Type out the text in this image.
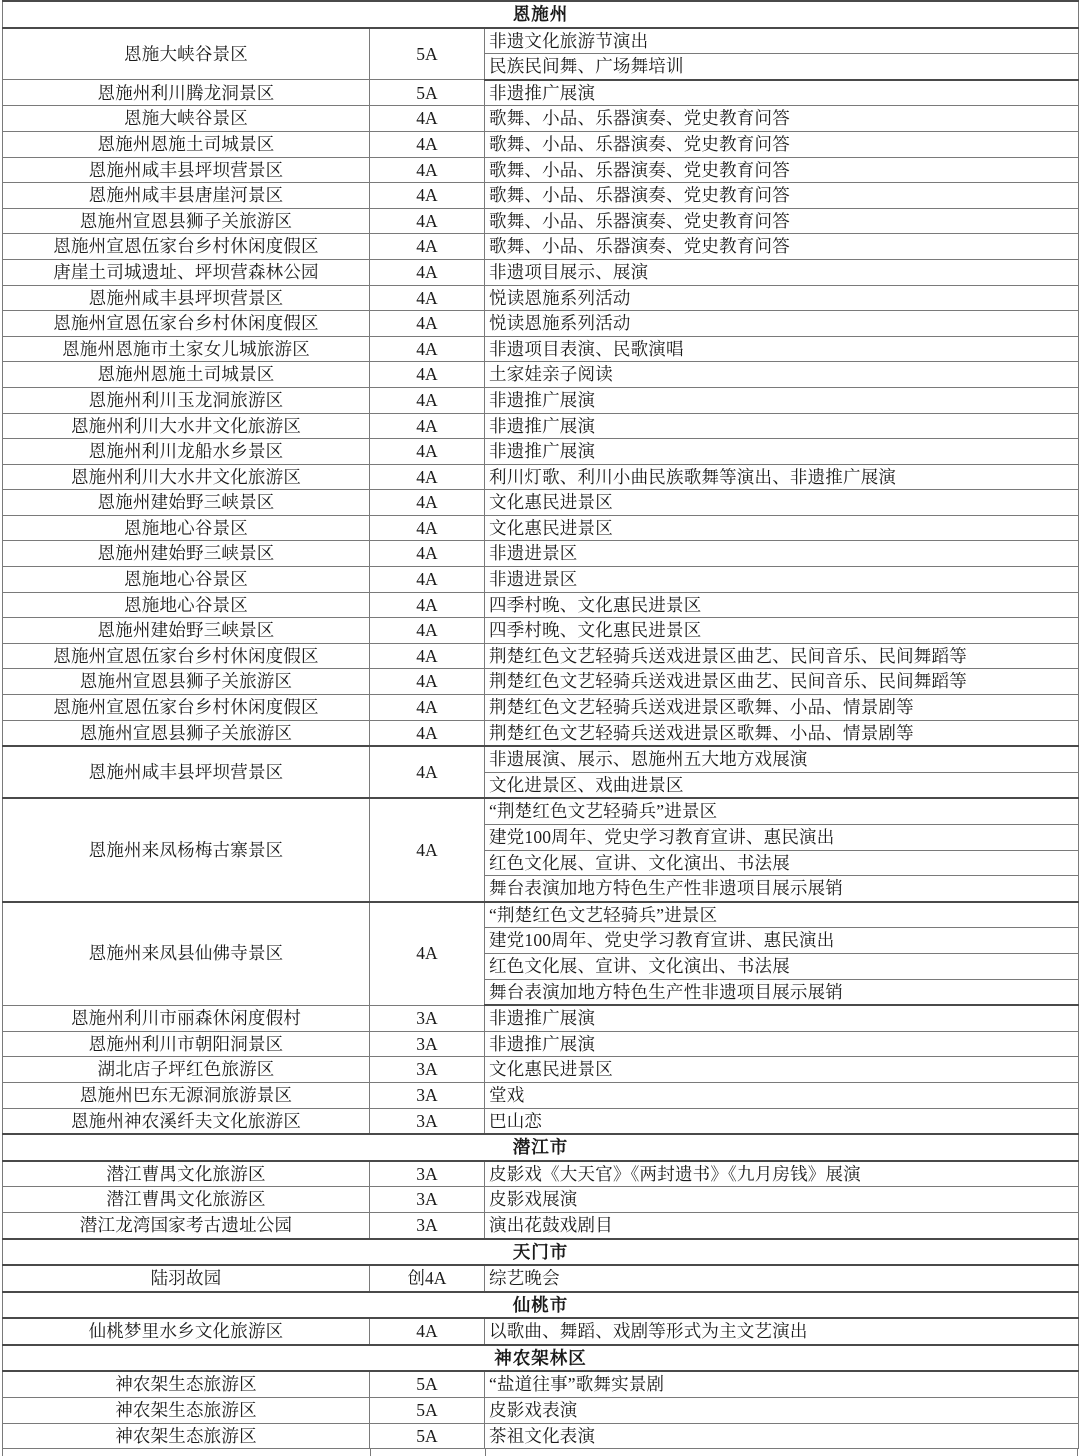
恩施州		
恩施大峡谷景区	5A	非遗文化旅游节演出
		民族民间舞、广场舞培训
恩施州利川腾龙洞景区	5A	非遗推广展演
恩施大峡谷景区	4A	歌舞、小品、乐器演奏、党史教育问答
恩施州恩施土司城景区	4A	歌舞、小品、乐器演奏、党史教育问答
恩施州咸丰县坪坝营景区	4A	歌舞、小品、乐器演奏、党史教育问答
恩施州咸丰县唐崖河景区	4A	歌舞、小品、乐器演奏、党史教育问答
恩施州宣恩县狮子关旅游区	4A	歌舞、小品、乐器演奏、党史教育问答
恩施州宣恩伍家台乡村休闲度假区	4A	歌舞、小品、乐器演奏、党史教育问答
唐崖土司城遗址、坪坝营森林公园	4A	非遗项目展示、展演
恩施州咸丰县坪坝营景区	4A	悦读恩施系列活动
恩施州宣恩伍家台乡村休闲度假区	4A	悦读恩施系列活动
恩施州恩施市土家女儿城旅游区	4A	非遗项目表演、民歌演唱
恩施州恩施土司城景区	4A	土家娃亲子阅读
恩施州利川玉龙洞旅游区	4A	非遗推广展演
恩施州利川大水井文化旅游区	4A	非遗推广展演
恩施州利川龙船水乡景区	4A	非遗推广展演
恩施州利川大水井文化旅游区	4A	利川灯歌、利川小曲民族歌舞等演出、非遗推广展演
恩施州建始野三峡景区	4A	文化惠民进景区
恩施地心谷景区	4A	文化惠民进景区
恩施州建始野三峡景区	4A	非遗进景区
恩施地心谷景区	4A	非遗进景区
恩施地心谷景区	4A	四季村晚、文化惠民进景区
恩施州建始野三峡景区	4A	四季村晚、文化惠民进景区
恩施州宣恩伍家台乡村休闲度假区	4A	荆楚红色文艺轻骑兵送戏进景区曲艺、民间音乐、民间舞蹈等
恩施州宣恩县狮子关旅游区	4A	荆楚红色文艺轻骑兵送戏进景区曲艺、民间音乐、民间舞蹈等
恩施州宣恩伍家台乡村休闲度假区	4A	荆楚红色文艺轻骑兵送戏进景区歌舞、小品、情景剧等
恩施州宣恩县狮子关旅游区	4A	荆楚红色文艺轻骑兵送戏进景区歌舞、小品、情景剧等
恩施州咸丰县坪坝营景区	4A	非遗展演、展示、恩施州五大地方戏展演
		文化进景区、戏曲进景区
恩施州来凤杨梅古寨景区	4A	“荆楚红色文艺轻骑兵”进景区
		建党100周年、党史学习教育宣讲、惠民演出
		红色文化展、宣讲、文化演出、书法展
		舞台表演加地方特色生产性非遗项目展示展销
恩施州来凤县仙佛寺景区	4A	“荆楚红色文艺轻骑兵”进景区
		建党100周年、党史学习教育宣讲、惠民演出
		红色文化展、宣讲、文化演出、书法展
		舞台表演加地方特色生产性非遗项目展示展销
恩施州利川市丽森休闲度假村	3A	非遗推广展演
恩施州利川市朝阳洞景区	3A	非遗推广展演
湖北店子坪红色旅游区	3A	文化惠民进景区
恩施州巴东无源洞旅游景区	3A	堂戏
恩施州神农溪纤夫文化旅游区	3A	巴山恋
潜江市		
潜江曹禺文化旅游区	3A	皮影戏《大天官》《两封遗书》《九月房钱》展演
潜江曹禺文化旅游区	3A	皮影戏展演
潜江龙湾国家考古遗址公园	3A	演出花鼓戏剧目
天门市		
陆羽故园	创4A	综艺晚会
仙桃市		
仙桃梦里水乡文化旅游区	4A	以歌曲、舞蹈、戏剧等形式为主文艺演出
神农架林区		
神农架生态旅游区	5A	“盐道往事”歌舞实景剧
神农架生态旅游区	5A	皮影戏表演
神农架生态旅游区	5A	茶祖文化表演
